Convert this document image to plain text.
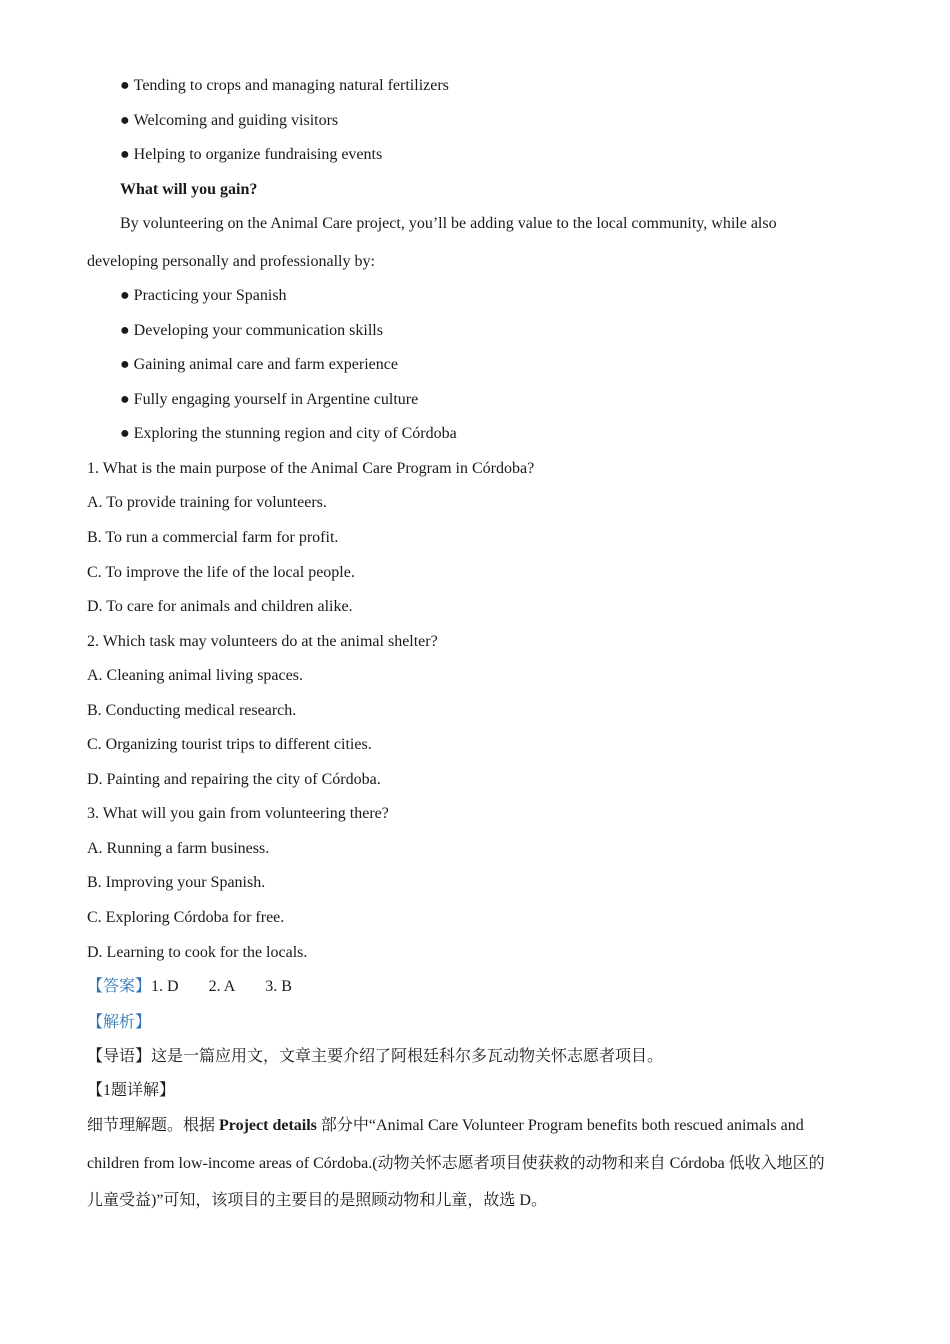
● Tending to crops and managing natural fertilizers
● Welcoming and guiding visitors
● Helping to organize fundraising events
What will you gain?
By volunteering on the Animal Care project, you’ll be adding value to the local community, while also
developing personally and professionally by:
● Practicing your Spanish
● Developing your communication skills
● Gaining animal care and farm experience
● Fully engaging yourself in Argentine culture
● Exploring the stunning region and city of Córdoba
1. What is the main purpose of the Animal Care Program in Córdoba?
A. To provide training for volunteers.
B. To run a commercial farm for profit.
C. To improve the life of the local people.
D. To care for animals and children alike.
2. Which task may volunteers do at the animal shelter?
A. Cleaning animal living spaces.
B. Conducting medical research.
C. Organizing tourist trips to different cities.
D. Painting and repairing the city of Córdoba.
3. What will you gain from volunteering there?
A. Running a farm business.
B. Improving your Spanish.
C. Exploring Córdoba for free.
D. Learning to cook for the locals.
【答案】1. D 2. A 3. B
【解析】
【导语】这是一篇应用文，文章主要介绍了阿根廷科尔多瓦动物关怀志愿者项目。
【1题详解】
细节理解题。根据 Project details 部分中“Animal Care Volunteer Program benefits both rescued animals and
children from low-income areas of Córdoba.(动物关怀志愿者项目使获救的动物和来自 Córdoba 低收入地区的
儿童受益)”可知，该项目的主要目的是照顾动物和儿童，故选 D。
